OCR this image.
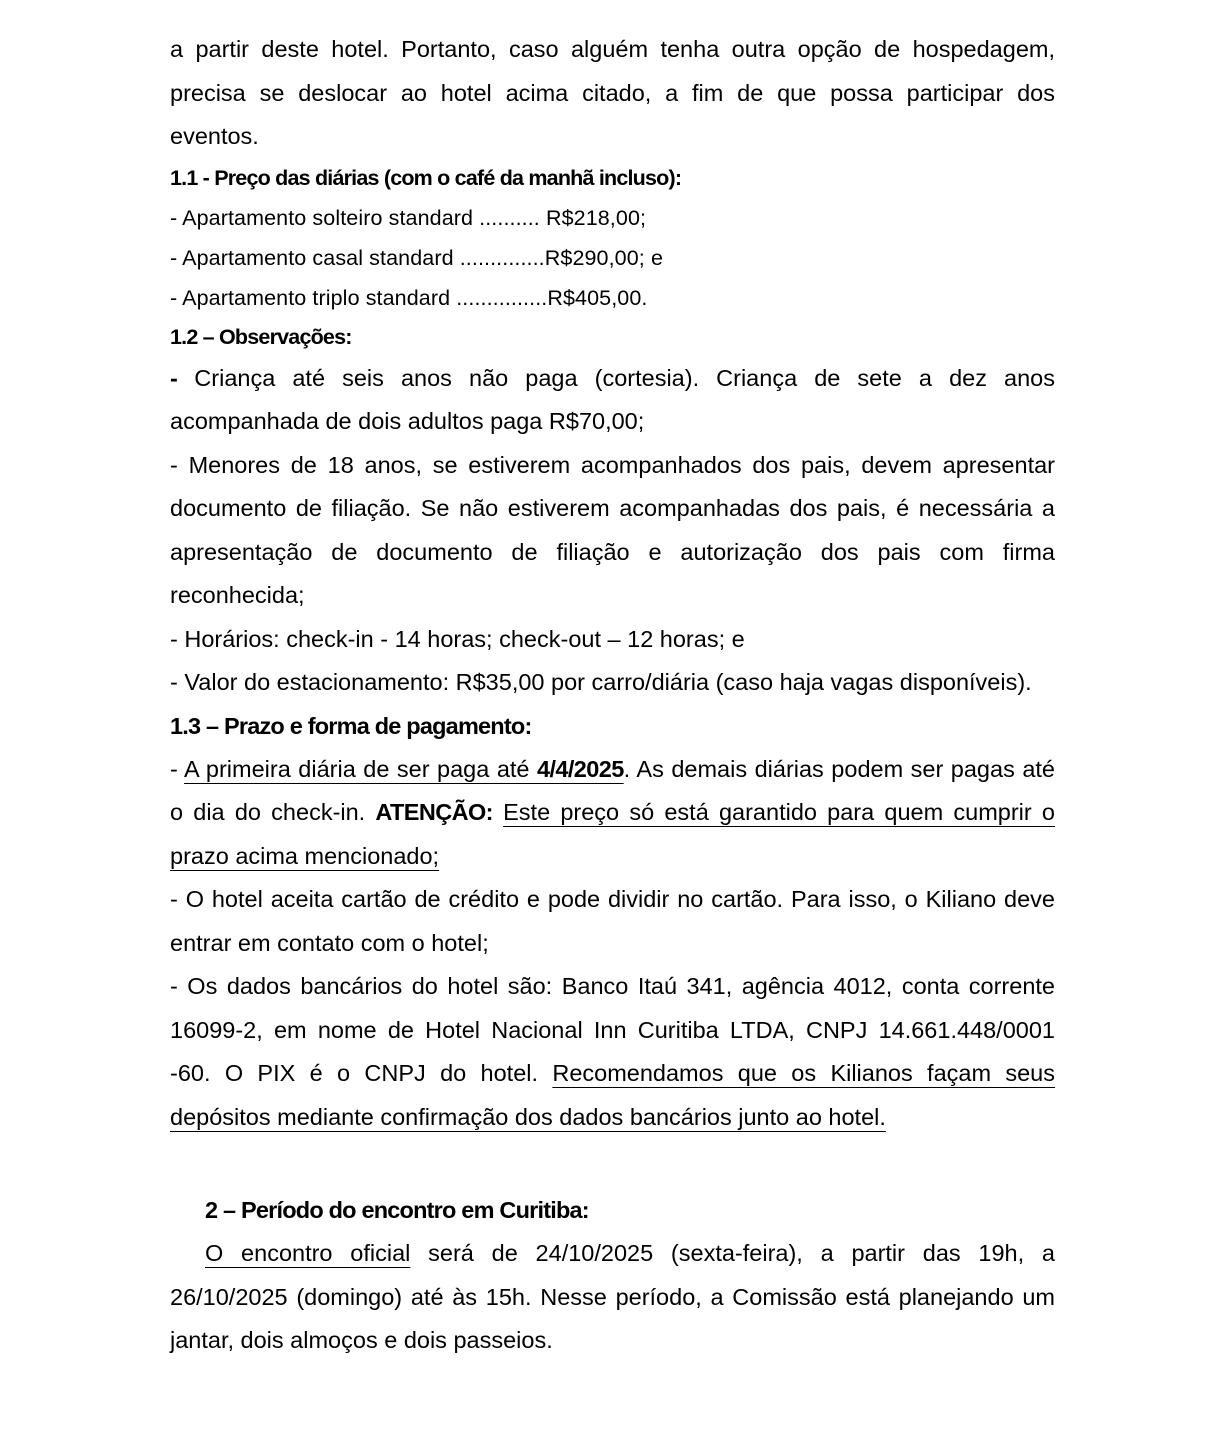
a partir deste hotel. Portanto, caso alguém tenha outra opção de hospedagem,

precisa se deslocar ao hotel acima citado, a fim de que possa participar dos

eventos.

1.1 - Preço das diárias (com o café da manhã incluso):

- Apartamento solteiro standard .......... R$218,00;

- Apartamento casal standard ..............R$290,00; e

- Apartamento triplo standard ...............R$405,00.

1.2 – Observações:

- Criança até seis anos não paga (cortesia). Criança de sete a dez anos acompanhada de dois adultos paga R$70,00;

- Menores de 18 anos, se estiverem acompanhados dos pais, devem apresentar documento de filiação. Se não estiverem acompanhadas dos pais, é necessária a apresentação de documento de filiação e autorização dos pais com firma reconhecida;

- Horários: check-in - 14 horas; check-out – 12 horas; e

- Valor do estacionamento: R$35,00 por carro/diária (caso haja vagas disponíveis).

1.3 – Prazo e forma de pagamento:

- A primeira diária de ser paga até 4/4/2025. As demais diárias podem ser pagas até o dia do check-in. ATENÇÃO: Este preço só está garantido para quem cumprir o prazo acima mencionado;

- O hotel aceita cartão de crédito e pode dividir no cartão. Para isso, o Kiliano deve entrar em contato com o hotel;

- Os dados bancários do hotel são: Banco Itaú 341, agência 4012, conta corrente 16099-2, em nome de Hotel Nacional Inn Curitiba LTDA, CNPJ 14.661.448/0001 -60. O PIX é o CNPJ do hotel. Recomendamos que os Kilianos façam seus depósitos mediante confirmação dos dados bancários junto ao hotel.

2 – Período do encontro em Curitiba:

O encontro oficial será de 24/10/2025 (sexta-feira), a partir das 19h, a 26/10/2025 (domingo) até às 15h. Nesse período, a Comissão está planejando um jantar, dois almoços e dois passeios.
